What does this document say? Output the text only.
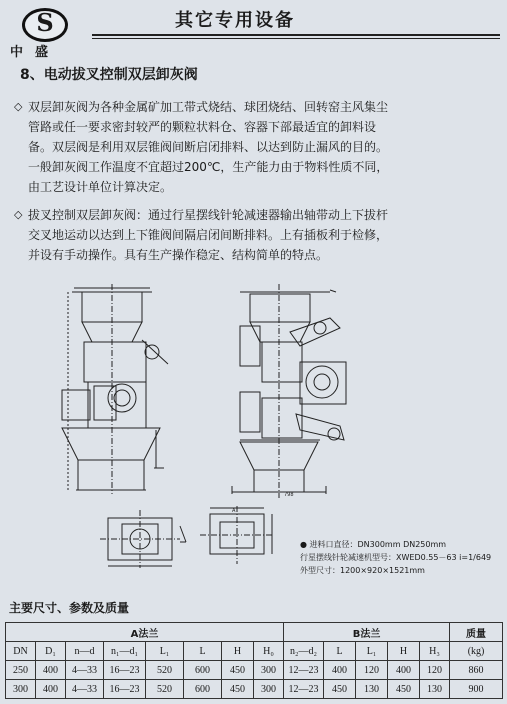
S
中盛
其它专用设备
8、电动拔叉控制双层卸灰阀
◇ 双层卸灰阀为各种金属矿加工带式烧结、球团烧结、回转窑主风集尘
管路或任一要求密封较严的颗粒状料仓、容器下部最适宜的卸料设
备。双层阀是利用双层锥阀间断启闭排料、以达到防止漏风的目的。
一般卸灰阀工作温度不宜超过200℃，生产能力由于物料性质不同，
由工艺设计单位计算决定。
◇ 拔叉控制双层卸灰阀：通过行星摆线针轮减速器输出轴带动上下拔杆
交叉地运动以达到上下锥阀间隔启闭间断排料。上有插板利于检修，
并设有手动操作。具有生产操作稳定、结构简单的特点。
798
A
● 进料口直径：DN300mm DN250mm
行星摆线针轮减速机型号：XWED0.55－63 i=1/649
外型尺寸：1200×920×1521mm
主要尺寸、参数及质量
A法兰								B法兰					质量
DN	D₁	n—d	n₁—d₁	L₁	L	H	H₀	n₂—d₂	L	L₁	H	H₃	(kg)
250	400	4—33	16—23	520	600	450	300	12—23	400	120	400	120	860
300	400	4—33	16—23	520	600	450	300	12—23	450	130	450	130	900
